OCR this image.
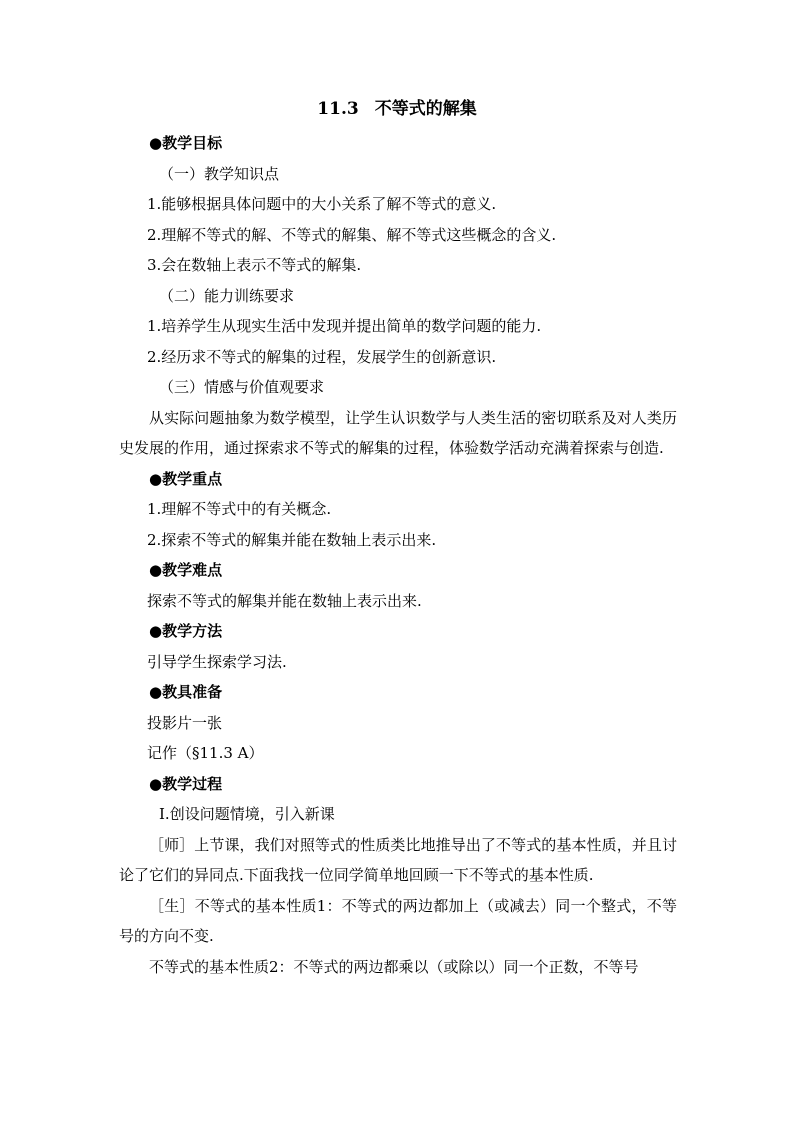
11.3 不等式的解集
●教学目标
（一）教学知识点
1.能够根据具体问题中的大小关系了解不等式的意义.
2.理解不等式的解、不等式的解集、解不等式这些概念的含义.
3.会在数轴上表示不等式的解集.
（二）能力训练要求
1.培养学生从现实生活中发现并提出简单的数学问题的能力.
2.经历求不等式的解集的过程，发展学生的创新意识.
（三）情感与价值观要求
从实际问题抽象为数学模型，让学生认识数学与人类生活的密切联系及对人类历史发展的作用，通过探索求不等式的解集的过程，体验数学活动充满着探索与创造.
●教学重点
1.理解不等式中的有关概念.
2.探索不等式的解集并能在数轴上表示出来.
●教学难点
探索不等式的解集并能在数轴上表示出来.
●教学方法
引导学生探索学习法.
●教具准备
投影片一张
记作（§11.3 A）
●教学过程
Ⅰ.创设问题情境，引入新课
［师］上节课，我们对照等式的性质类比地推导出了不等式的基本性质，并且讨论了它们的异同点.下面我找一位同学简单地回顾一下不等式的基本性质.
［生］不等式的基本性质1：不等式的两边都加上（或减去）同一个整式，不等号的方向不变.
不等式的基本性质2：不等式的两边都乘以（或除以）同一个正数，不等号
